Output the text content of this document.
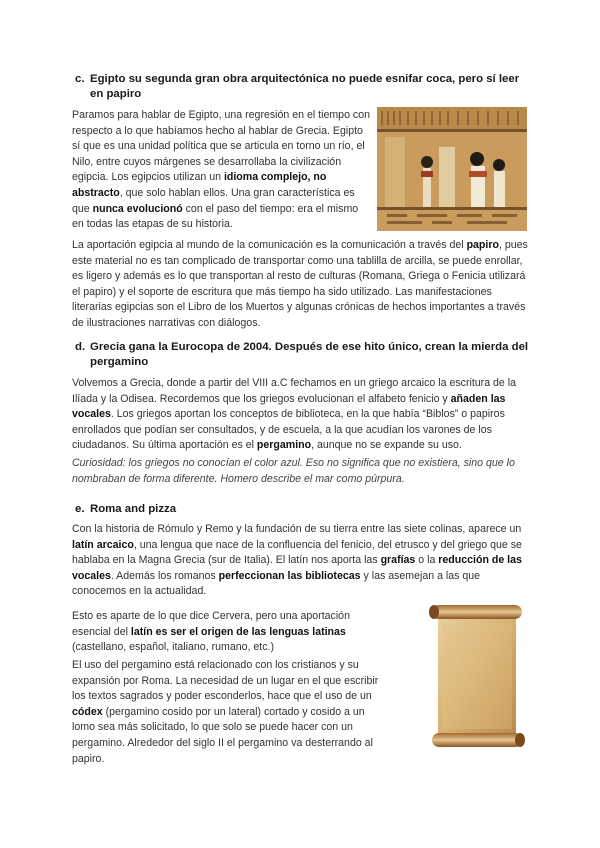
c. Egipto su segunda gran obra arquitectónica no puede esnifar coca, pero sí leer en papiro
Paramos para hablar de Egipto, una regresión en el tiempo con respecto a lo que habíamos hecho al hablar de Grecia. Egipto sí que es una unidad política que se articula en torno un río, el Nilo, entre cuyos márgenes se desarrollaba la civilización egipcia. Los egipcios utilizan un idioma complejo, no abstracto, que solo hablan ellos. Una gran característica es que nunca evolucionó con el paso del tiempo: era el mismo en todas las etapas de su historia.
La aportación egipcia al mundo de la comunicación es la comunicación a través del papiro, pues este material no es tan complicado de transportar como una tablilla de arcilla, se puede enrollar, es ligero y además es lo que transportan al resto de culturas (Romana, Griega o Fenicia utilizará el papiro) y el soporte de escritura que más tiempo ha sido utilizado. Las manifestaciones literarias egipcias son el Libro de los Muertos y algunas crónicas de hechos importantes a través de ilustraciones narrativas con diálogos.
d. Grecia gana la Eurocopa de 2004. Después de ese hito único, crean la mierda del pergamino
Volvemos a Grecia, donde a partir del VIII a.C fechamos en un griego arcaico la escritura de la Ilíada y la Odisea. Recordemos que los griegos evolucionan el alfabeto fenicio y añaden las vocales. Los griegos aportan los conceptos de biblioteca, en la que había “Biblos” o papiros enrollados que podían ser consultados, y de escuela, a la que acudían los varones de los ciudadanos. Su última aportación es el pergamino, aunque no se expande su uso.
Curiosidad: los griegos no conocían el color azul. Eso no significa que no existiera, sino que lo nombraban de forma diferente. Homero describe el mar como púrpura.
e. Roma and pizza
Con la historia de Rómulo y Remo y la fundación de su tierra entre las siete colinas, aparece un latín arcaico, una lengua que nace de la confluencia del fenicio, del etrusco y del griego que se hablaba en la Magna Grecia (sur de Italia). El latín nos aporta las grafías o la reducción de las vocales. Además los romanos perfeccionan las bibliotecas y las asemejan a las que conocemos en la actualidad.
Esto es aparte de lo que dice Cervera, pero una aportación esencial del latín es ser el origen de las lenguas latinas (castellano, español, italiano, rumano, etc.)
El uso del pergamino está relacionado con los cristianos y su expansión por Roma. La necesidad de un lugar en el que escribir los textos sagrados y poder esconderlos, hace que el uso de un códex (pergamino cosido por un lateral) cortado y cosido a un lomo sea más solicitado, lo que solo se puede hacer con un pergamino. Alrededor del siglo II el pergamino va desterrando al papiro.
